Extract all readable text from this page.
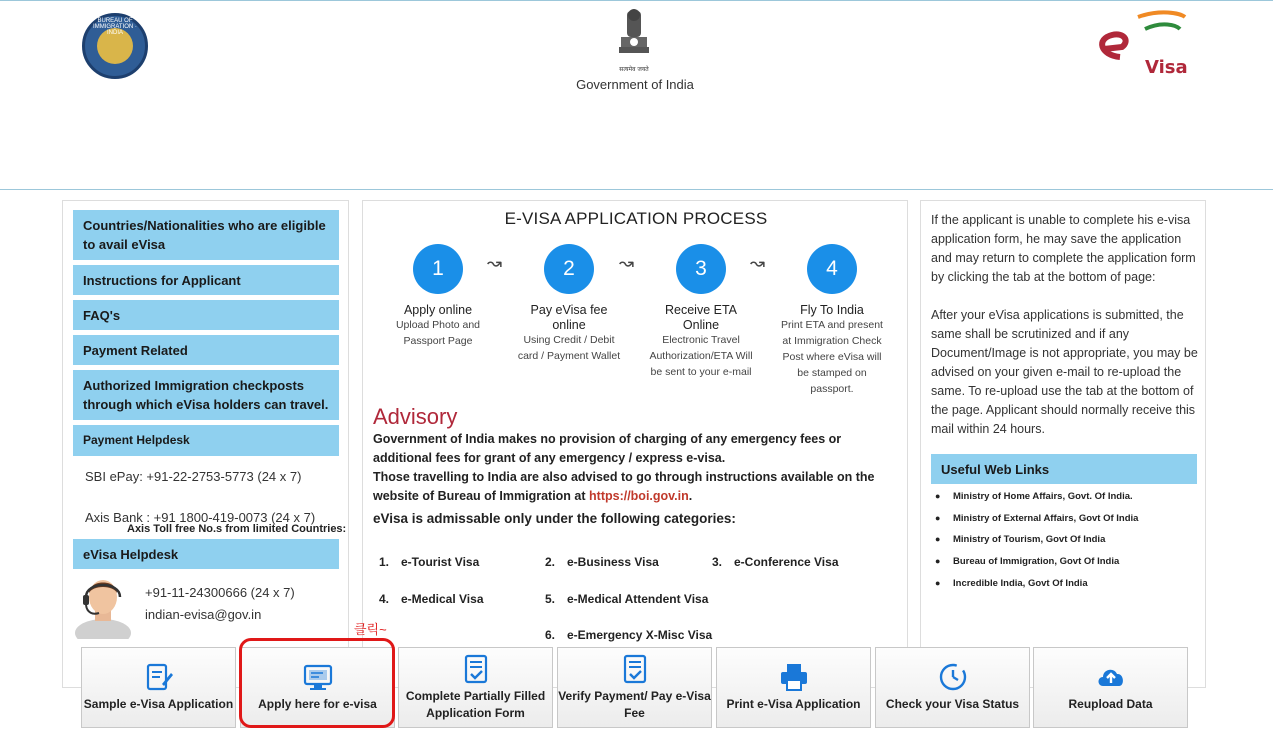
BUREAU OF IMMIGRATION · INDIA
सत्यमेव जयते
Government of India
Visa
Countries/Nationalities who are eligible to avail eVisa
Instructions for Applicant
FAQ's
Payment Related
Authorized Immigration checkposts through which eVisa holders can travel.
Payment Helpdesk
SBI ePay: +91-22-2753-5773 (24 x 7)
Axis Bank : +91 1800-419-0073 (24 x 7)
Axis Toll free No.s from limited Countries:
eVisa Helpdesk
+91-11-24300666 (24 x 7)
indian-evisa@gov.in
E-VISA APPLICATION PROCESS
1	↝	2	↝	3	↝	4
Apply online
Upload Photo and Passport Page
Pay eVisa fee online
Using Credit / Debit card / Payment Wallet
Receive ETA Online
Electronic Travel Authorization/ETA Will be sent to your e-mail
Fly To India
Print ETA and present at Immigration Check Post where eVisa will be stamped on passport.
Advisory
Government of India makes no provision of charging of any emergency fees or additional fees for grant of any emergency / express e-visa.
Those travelling to India are also advised to go through instructions available on the website of Bureau of Immigration at https://boi.gov.in.
eVisa is admissable only under the following categories:
1. e-Tourist Visa	2. e-Business Visa	3. e-Conference Visa
4. e-Medical Visa	5. e-Medical Attendent Visa
6. e-Emergency X-Misc Visa
If the applicant is unable to complete his e-visa application form, he may save the application and may return to complete the application form by clicking the tab at the bottom of page:

After your eVisa applications is submitted, the same shall be scrutinized and if any Document/Image is not appropriate, you may be advised on your given e-mail to re-upload the same. To re-upload use the tab at the bottom of the page. Applicant should normally receive this mail within 24 hours.
Useful Web Links
● Ministry of Home Affairs, Govt. Of India.
● Ministry of External Affairs, Govt Of India
● Ministry of Tourism, Govt Of India
● Bureau of Immigration, Govt Of India
● Incredible India, Govt Of India
Sample e-Visa Application Apply here for e-visa
Complete Partially Filled Application Form
Verify Payment/ Pay e-Visa Fee
Print e-Visa Application Check your Visa Status	Reupload Data
클릭~
